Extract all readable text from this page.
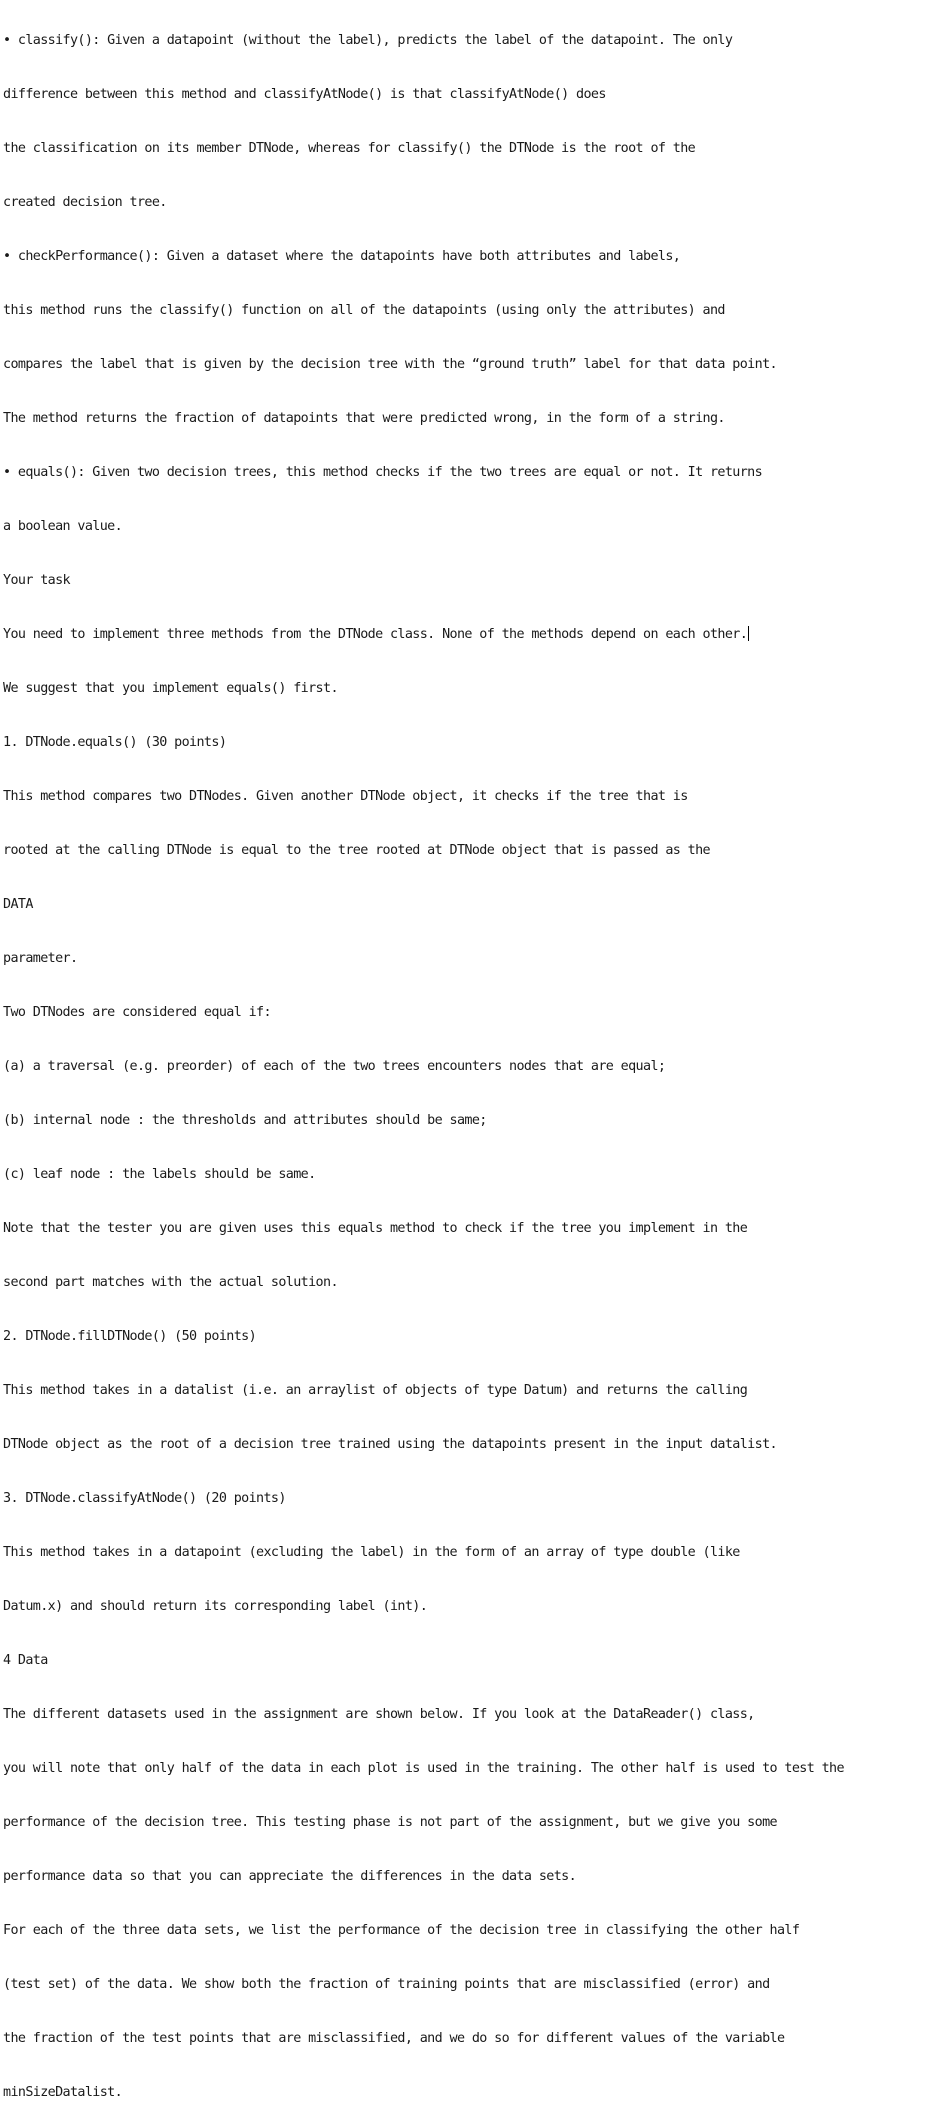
• classify(): Given a datapoint (without the label), predicts the label of the datapoint. The only

difference between this method and classifyAtNode() is that classifyAtNode() does

the classification on its member DTNode, whereas for classify() the DTNode is the root of the

created decision tree.

• checkPerformance(): Given a dataset where the datapoints have both attributes and labels,

this method runs the classify() function on all of the datapoints (using only the attributes) and

compares the label that is given by the decision tree with the “ground truth” label for that data point.

The method returns the fraction of datapoints that were predicted wrong, in the form of a string.

• equals(): Given two decision trees, this method checks if the two trees are equal or not. It returns

a boolean value.

Your task

You need to implement three methods from the DTNode class. None of the methods depend on each other.

We suggest that you implement equals() first.

1. DTNode.equals() (30 points)

This method compares two DTNodes. Given another DTNode object, it checks if the tree that is

rooted at the calling DTNode is equal to the tree rooted at DTNode object that is passed as the

DATA

parameter.

Two DTNodes are considered equal if:

(a) a traversal (e.g. preorder) of each of the two trees encounters nodes that are equal;

(b) internal node : the thresholds and attributes should be same;

(c) leaf node : the labels should be same.

Note that the tester you are given uses this equals method to check if the tree you implement in the

second part matches with the actual solution.

2. DTNode.fillDTNode() (50 points)

This method takes in a datalist (i.e. an arraylist of objects of type Datum) and returns the calling

DTNode object as the root of a decision tree trained using the datapoints present in the input datalist.

3. DTNode.classifyAtNode() (20 points)

This method takes in a datapoint (excluding the label) in the form of an array of type double (like

Datum.x) and should return its corresponding label (int).

4 Data

The different datasets used in the assignment are shown below. If you look at the DataReader() class,

you will note that only half of the data in each plot is used in the training. The other half is used to test the

performance of the decision tree. This testing phase is not part of the assignment, but we give you some

performance data so that you can appreciate the differences in the data sets.

For each of the three data sets, we list the performance of the decision tree in classifying the other half

(test set) of the data. We show both the fraction of training points that are misclassified (error) and

the fraction of the test points that are misclassified, and we do so for different values of the variable

minSizeDatalist.
